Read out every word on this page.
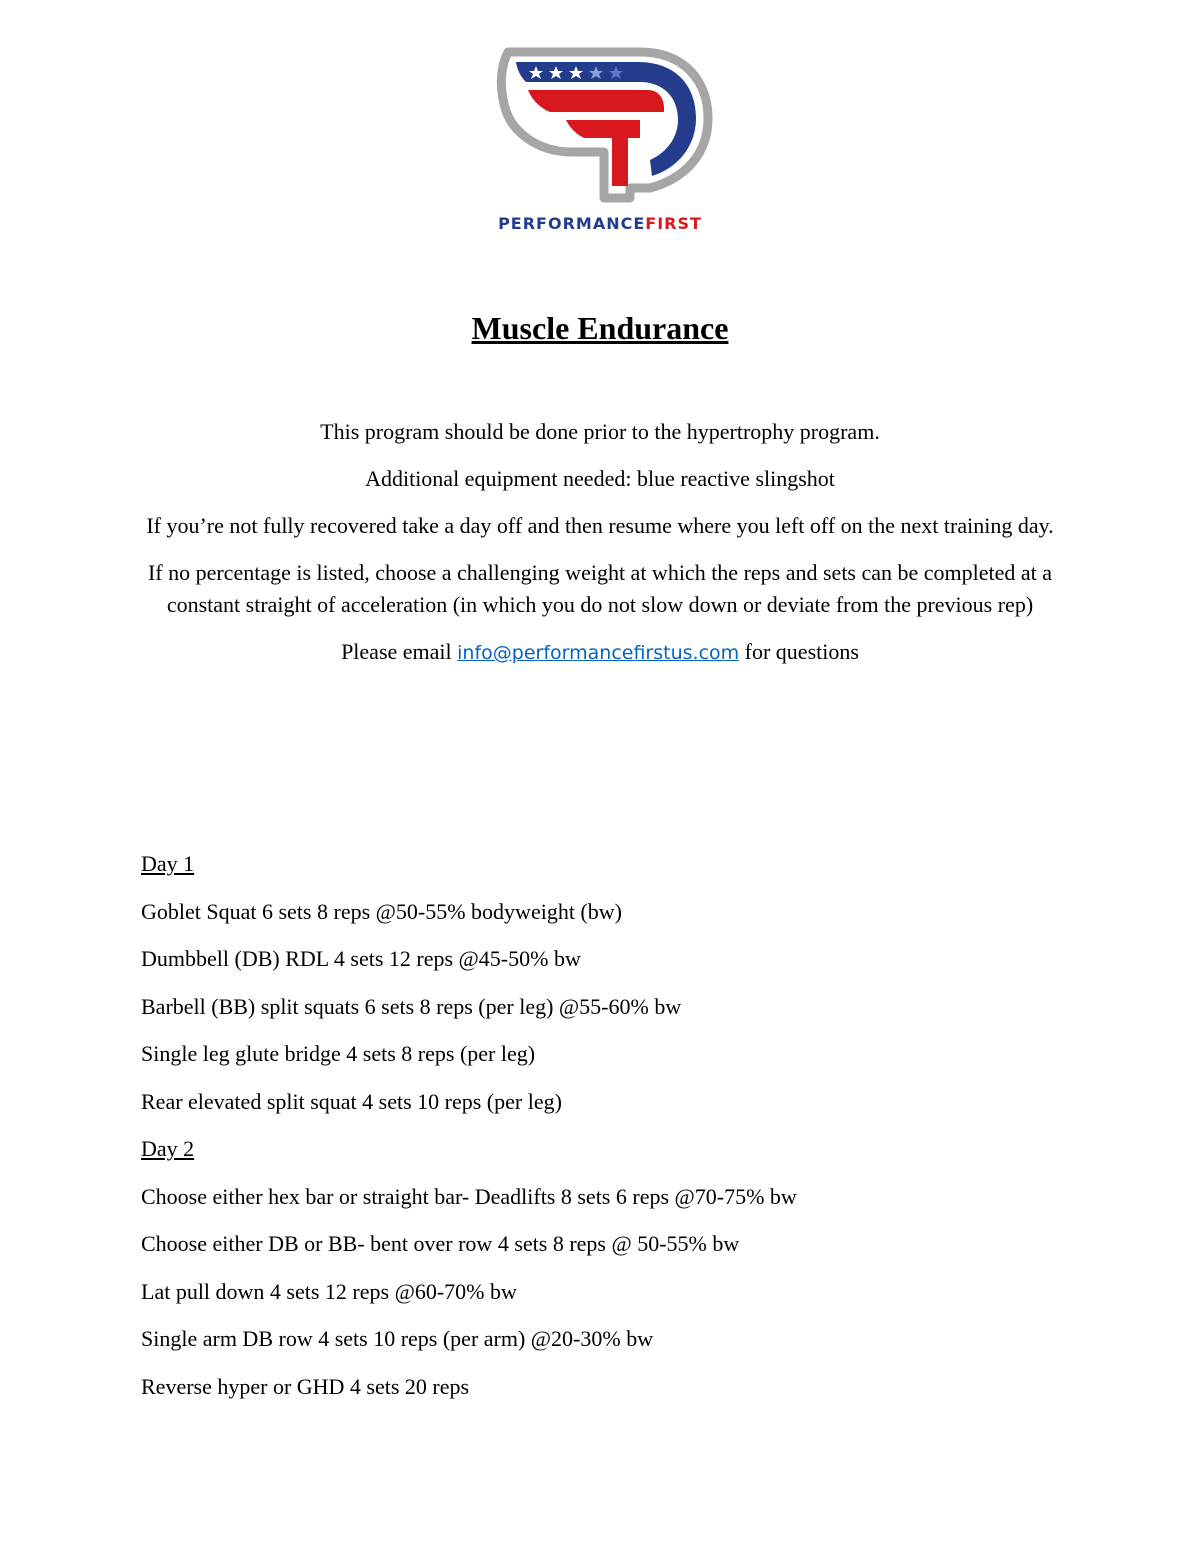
PERFORMANCEFIRST
Muscle Endurance

This program should be done prior to the hypertrophy program.

Additional equipment needed: blue reactive slingshot

If you’re not fully recovered take a day off and then resume where you left off on the next training day.

If no percentage is listed, choose a challenging weight at which the reps and sets can be completed at a constant straight of acceleration (in which you do not slow down or deviate from the previous rep)

Please email info@performancefirstus.com for questions

Day 1

Goblet Squat 6 sets 8 reps @50-55% bodyweight (bw)

Dumbbell (DB) RDL 4 sets 12 reps @45-50% bw

Barbell (BB) split squats 6 sets 8 reps (per leg) @55-60% bw

Single leg glute bridge 4 sets 8 reps (per leg)

Rear elevated split squat 4 sets 10 reps (per leg)

Day 2

Choose either hex bar or straight bar- Deadlifts 8 sets 6 reps @70-75% bw

Choose either DB or BB- bent over row 4 sets 8 reps @ 50-55% bw

Lat pull down 4 sets 12 reps @60-70% bw

Single arm DB row 4 sets 10 reps (per arm) @20-30% bw

Reverse hyper or GHD 4 sets 20 reps
